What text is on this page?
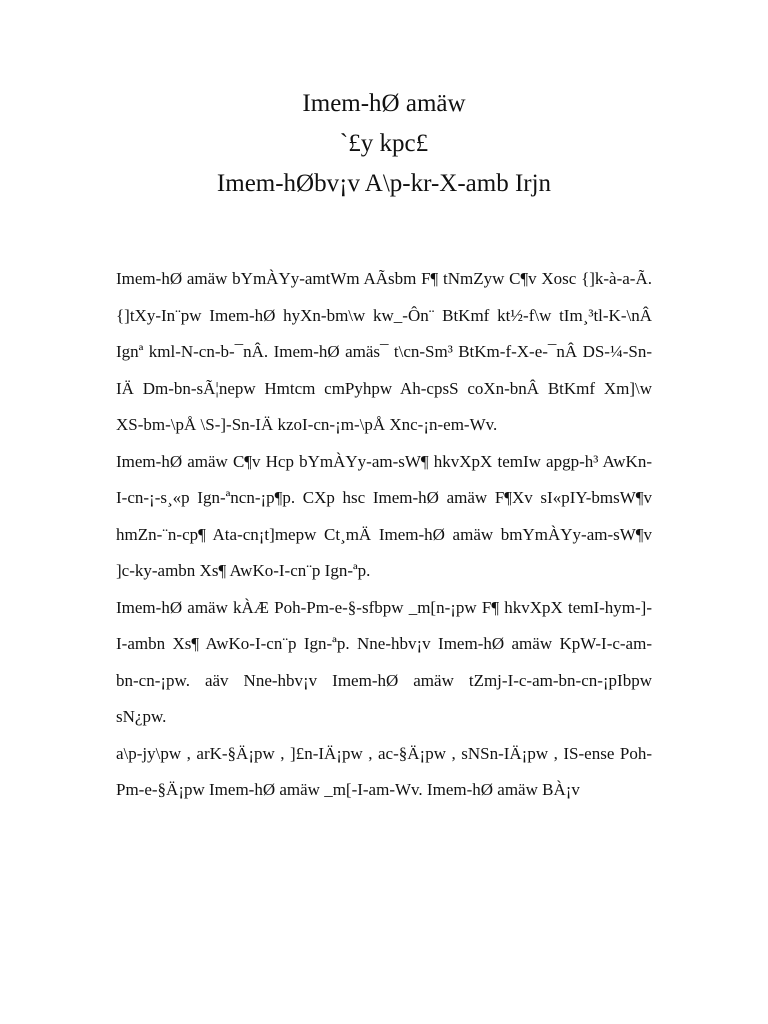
Imem-hØ amäw
`£y kpc£
Imem-hØbv¡v A\p-kr-X-amb Irjn

Imem-hØ amäw bYmÀYy-amtWm AÃsbm F¶ tNmZyw C¶v Xosc {]k-à-a-Ã. {]tXy-In¨pw Imem-hØ hyXn-bm\w kw_-Ôn¨ BtKmf kt½-f\w tIm¸³tl-K-\nÂ Ignª kml-N-cn-b-¯nÂ. Imem-hØ amäs¯ t\cn-Sm³ BtKm-f-X-e-¯nÂ DS-¼-Sn-IÄ Dm-bn-sÃ¦nepw Hmtcm cmPyhpw Ah-cpsS coXn-bnÂ BtKmf Xm]\w XS-bm-\pÅ \S-]-Sn-IÄ kzoI-cn-¡m-\pÅ Xnc-¡n-em-Wv.

Imem-hØ amäw C¶v Hcp bYmÀYy-am-sW¶ hkvXpX temIw apgp-h³ AwKn-I-cn-¡-s¸«p Ign-ªncn-¡p¶p. CXp hsc Imem-hØ amäw F¶Xv sI«pIY-bmsW¶v hmZn-¨n-cp¶ Ata-cn¡t]mepw Ct¸mÄ Imem-hØ amäw bmYmÀYy-am-sW¶v ]c-ky-ambn Xs¶ AwKo-I-cn¨p Ign-ªp.

Imem-hØ amäw kÀÆ Poh-Pm-e-§-sfbpw _m[n-¡pw F¶ hkvXpX temI-hym-]-I-ambn Xs¶ AwKo-I-cn¨p Ign-ªp. Nne-hbv¡v Imem-hØ amäw KpW-I-c-am-bn-cn-¡pw. aäv Nne-hbv¡v Imem-hØ amäw tZmj-I-c-am-bn-cn-¡pIbpw sN¿pw.

a\p-jy\pw , arK-§Ä¡pw , ]£n-IÄ¡pw , ac-§Ä¡pw , sNSn-IÄ¡pw , IS-ense Poh-Pm-e-§Ä¡pw Imem-hØ amäw _m[-I-am-Wv. Imem-hØ amäw BÀ¡v
